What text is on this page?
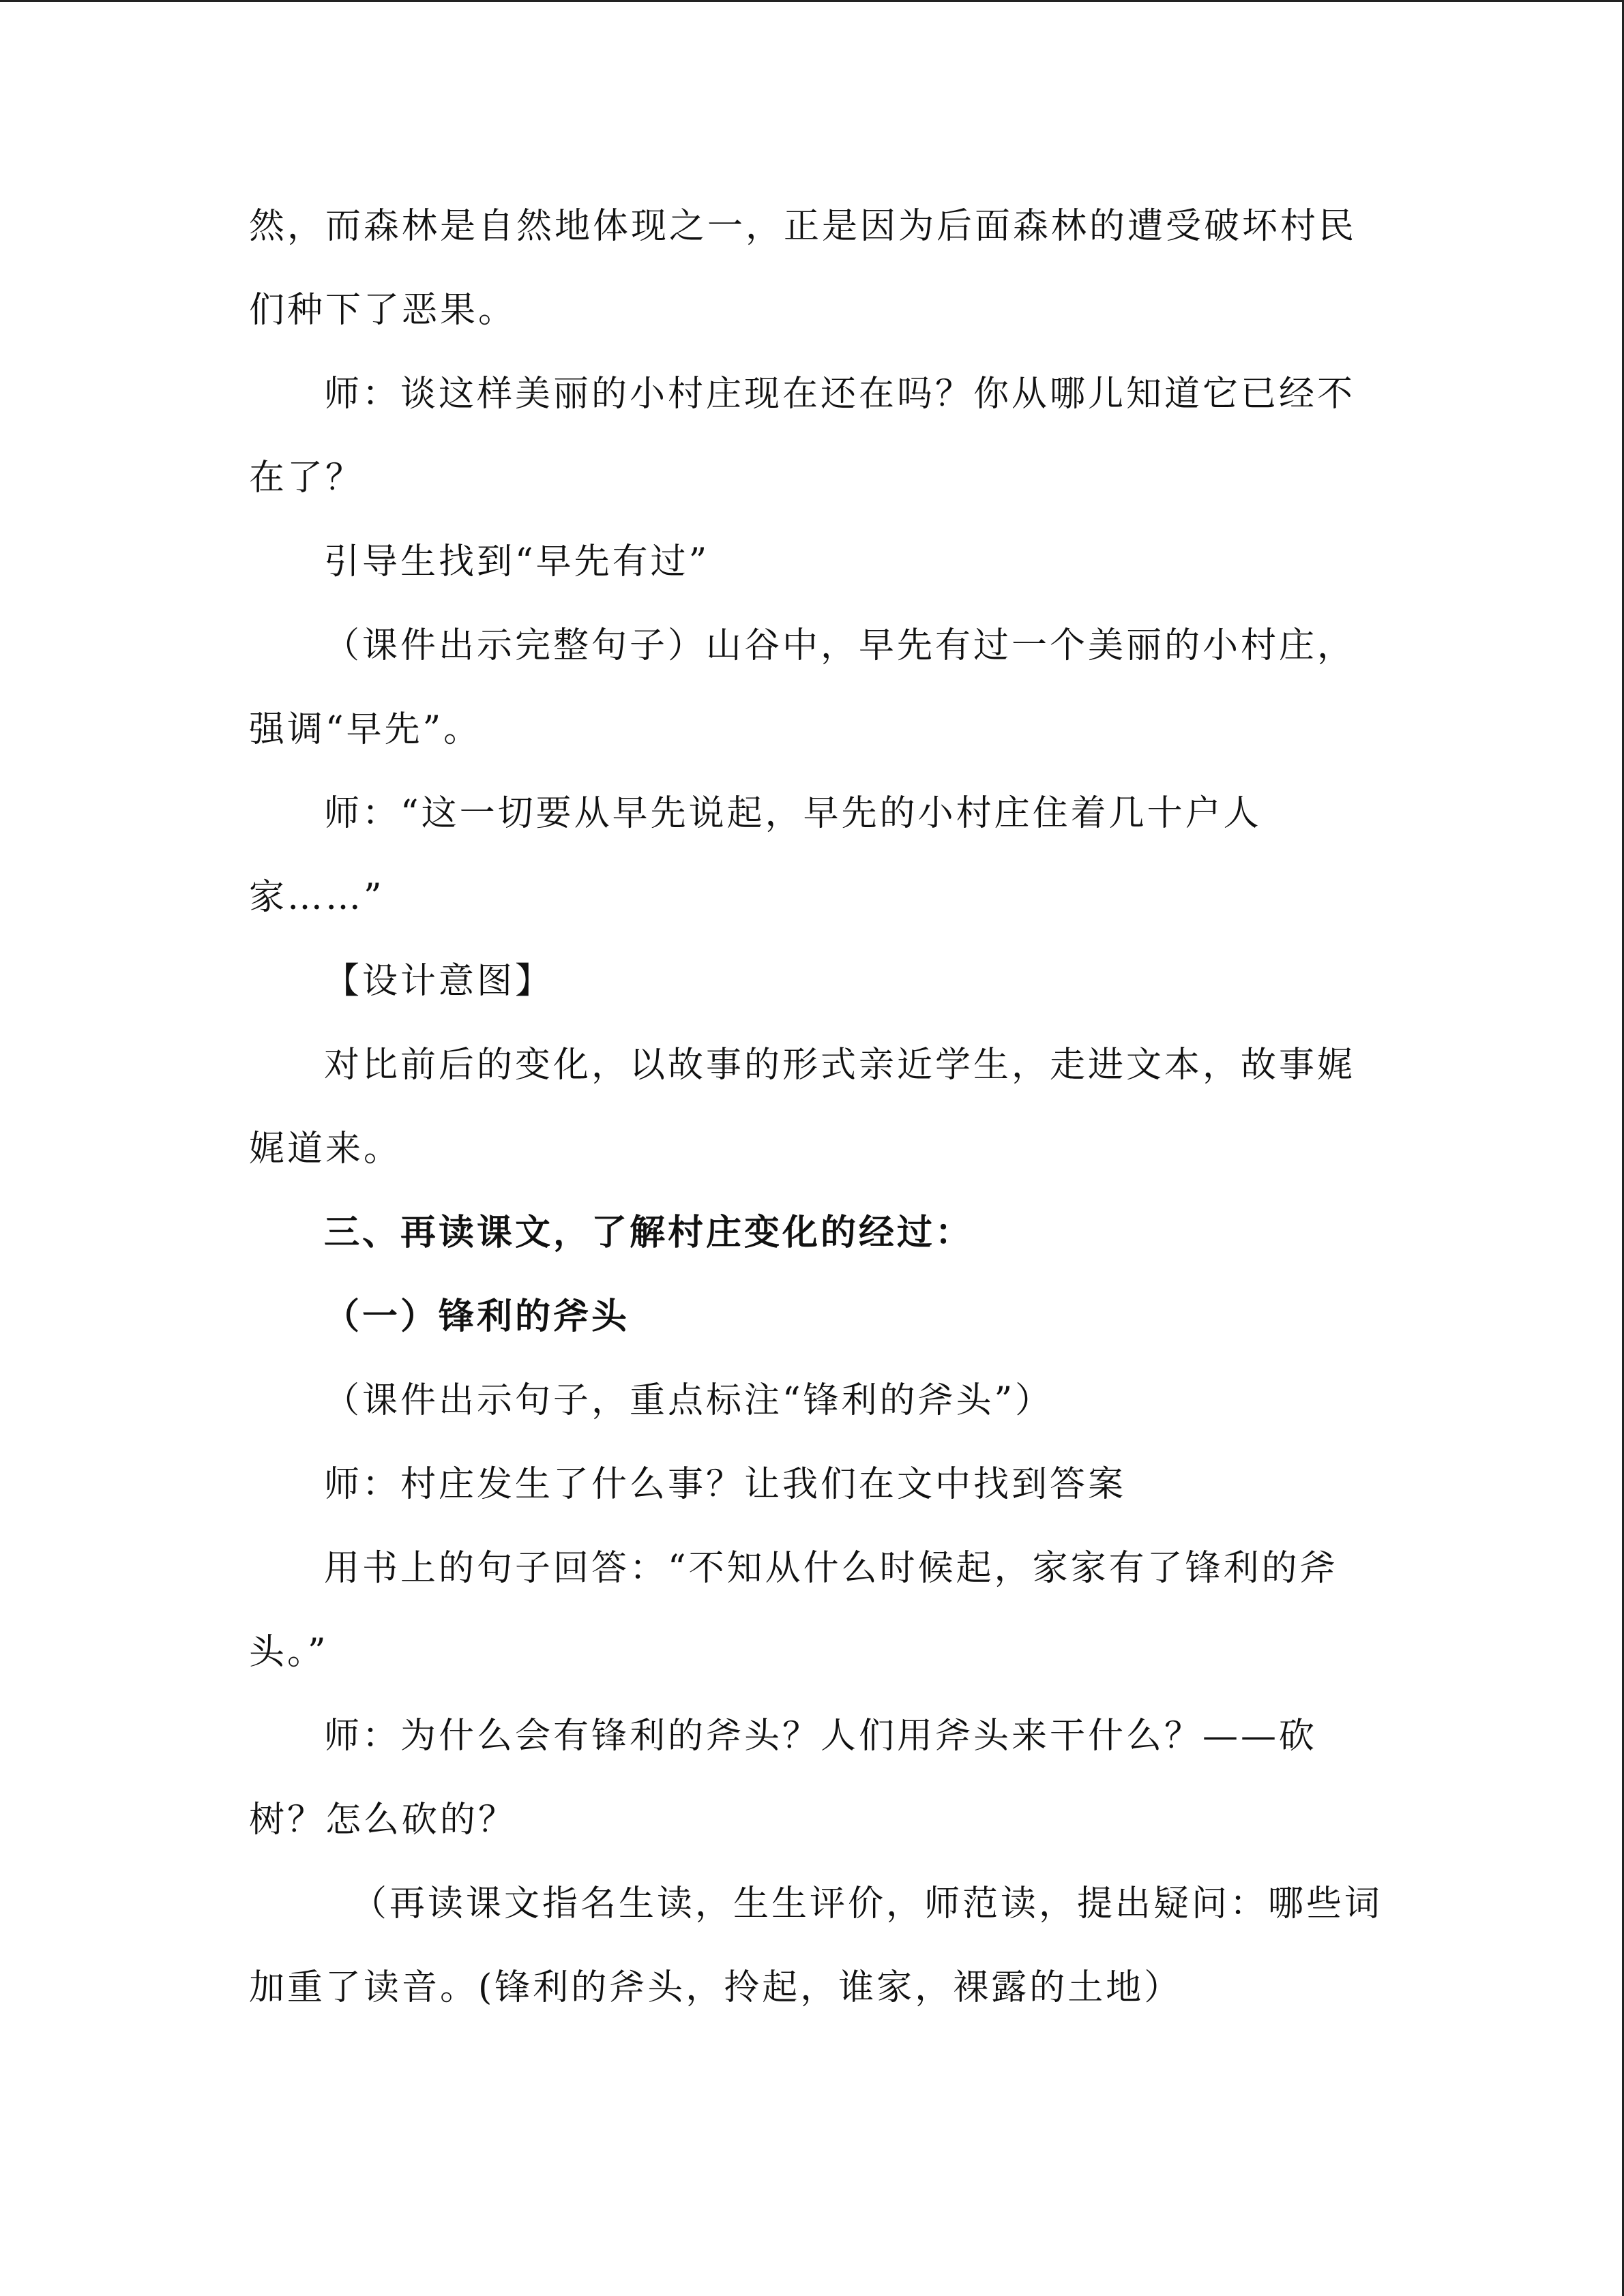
然，而森林是自然地体现之一，正是因为后面森林的遭受破坏村民
们种下了恶果。
师：谈这样美丽的小村庄现在还在吗？你从哪儿知道它已经不
在了？
引导生找到“早先有过”
（课件出示完整句子）山谷中，早先有过一个美丽的小村庄，
强调“早先”。
师：“这一切要从早先说起，早先的小村庄住着几十户人
家……”
【设计意图】
对比前后的变化，以故事的形式亲近学生，走进文本，故事娓
娓道来。
三、再读课文，了解村庄变化的经过：
（一）锋利的斧头
（课件出示句子，重点标注“锋利的斧头”）
师：村庄发生了什么事？让我们在文中找到答案
用书上的句子回答：“不知从什么时候起，家家有了锋利的斧
头。”
师：为什么会有锋利的斧头？人们用斧头来干什么？——砍
树？怎么砍的？
（再读课文指名生读，生生评价，师范读，提出疑问：哪些词
加重了读音。(锋利的斧头，拎起，谁家，裸露的土地）
